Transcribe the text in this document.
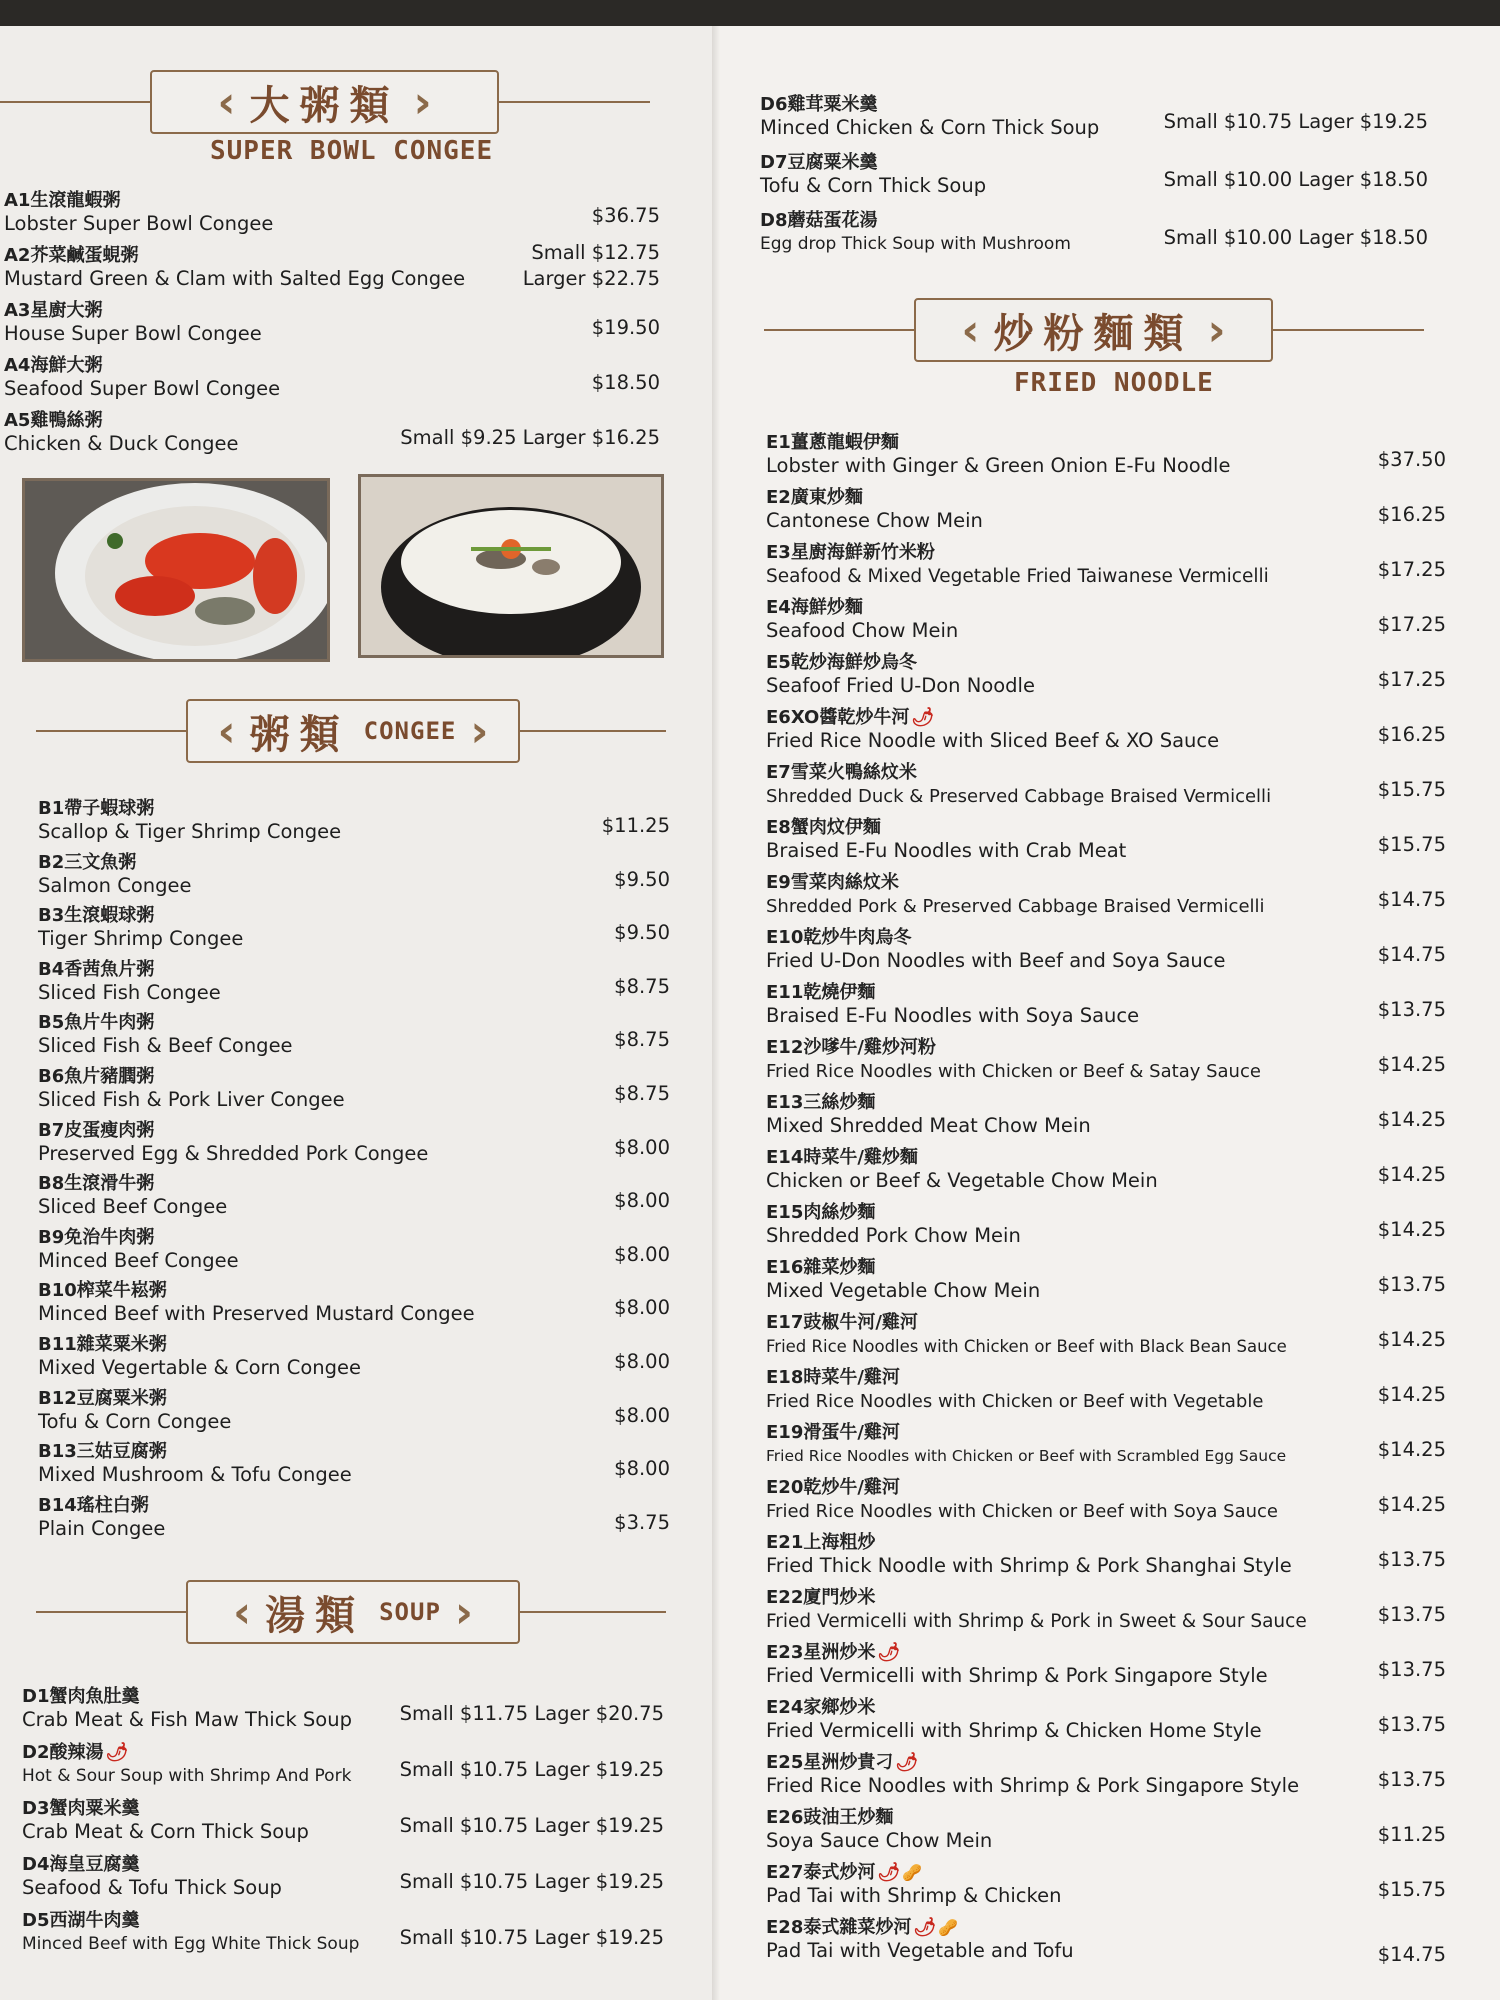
‹ 大粥類 ›
SUPER BOWL CONGEE
A1生滾龍蝦粥
Lobster Super Bowl Congee	$36.75
A2芥菜鹹蛋蜆粥
Mustard Green & Clam with Salted Egg Congee
Small $12.75
Larger $22.75
A3星廚大粥
House Super Bowl Congee	$19.50
A4海鮮大粥
Seafood Super Bowl Congee	$18.50
A5雞鴨絲粥
Chicken & Duck Congee	Small $9.25 Larger $16.25
‹ 粥類 CONGEE ›
B1帶子蝦球粥
Scallop & Tiger Shrimp Congee	$11.25
B2三文魚粥
Salmon Congee	$9.50
B3生滾蝦球粥
Tiger Shrimp Congee	$9.50
B4香茜魚片粥
Sliced Fish Congee	$8.75
B5魚片牛肉粥
Sliced Fish & Beef Congee	$8.75
B6魚片豬膶粥
Sliced Fish & Pork Liver Congee	$8.75
B7皮蛋瘦肉粥
Preserved Egg & Shredded Pork Congee	$8.00
B8生滾滑牛粥
Sliced Beef Congee	$8.00
B9免治牛肉粥
Minced Beef Congee	$8.00
B10榨菜牛崧粥
Minced Beef with Preserved Mustard Congee	$8.00
B11雜菜粟米粥
Mixed Vegertable & Corn Congee	$8.00
B12豆腐粟米粥
Tofu & Corn Congee	$8.00
B13三姑豆腐粥
Mixed Mushroom & Tofu Congee	$8.00
B14瑤柱白粥
Plain Congee	$3.75
‹ 湯類 SOUP ›
D1蟹肉魚肚羹
Crab Meat & Fish Maw Thick Soup Small $11.75 Lager $20.75
D2酸辣湯 🌶
Hot & Sour Soup with Shrimp And Pork Small $10.75 Lager $19.25
D3蟹肉粟米羹
Crab Meat & Corn Thick Soup	Small $10.75 Lager $19.25
D4海皇豆腐羹
Seafood & Tofu Thick Soup	Small $10.75 Lager $19.25
D5西湖牛肉羹
Minced Beef with Egg White Thick Soup Small $10.75 Lager $19.25
D6雞茸粟米羹
Minced Chicken & Corn Thick Soup	Small $10.75 Lager $19.25
D7豆腐粟米羹
Tofu & Corn Thick Soup	Small $10.00 Lager $18.50
D8蘑菇蛋花湯
Egg drop Thick Soup with Mushroom	Small $10.00 Lager $18.50
‹ 炒粉麵類 ›
FRIED NOODLE
E1薑蔥龍蝦伊麵
Lobster with Ginger & Green Onion E-Fu Noodle	$37.50
E2廣東炒麵
Cantonese Chow Mein	$16.25
E3星廚海鮮新竹米粉
Seafood & Mixed Vegetable Fried Taiwanese Vermicelli	$17.25
E4海鮮炒麵
Seafood Chow Mein	$17.25
E5乾炒海鮮炒烏冬
Seafoof Fried U-Don Noodle	$17.25
E6XO醬乾炒牛河 🌶
Fried Rice Noodle with Sliced Beef & XO Sauce	$16.25
E7雪菜火鴨絲炆米
Shredded Duck & Preserved Cabbage Braised Vermicelli	$15.75
E8蟹肉炆伊麵
Braised E-Fu Noodles with Crab Meat	$15.75
E9雪菜肉絲炆米
Shredded Pork & Preserved Cabbage Braised Vermicelli	$14.75
E10乾炒牛肉烏冬
Fried U-Don Noodles with Beef and Soya Sauce	$14.75
E11乾燒伊麵
Braised E-Fu Noodles with Soya Sauce	$13.75
E12沙嗲牛/雞炒河粉
Fried Rice Noodles with Chicken or Beef & Satay Sauce	$14.25
E13三絲炒麵
Mixed Shredded Meat Chow Mein	$14.25
E14時菜牛/雞炒麵
Chicken or Beef & Vegetable Chow Mein	$14.25
E15肉絲炒麵
Shredded Pork Chow Mein	$14.25
E16雜菜炒麵
Mixed Vegetable Chow Mein	$13.75
E17豉椒牛河/雞河
Fried Rice Noodles with Chicken or Beef with Black Bean Sauce	$14.25
E18時菜牛/雞河
Fried Rice Noodles with Chicken or Beef with Vegetable	$14.25
E19滑蛋牛/雞河
Fried Rice Noodles with Chicken or Beef with Scrambled Egg Sauce	$14.25
E20乾炒牛/雞河
Fried Rice Noodles with Chicken or Beef with Soya Sauce	$14.25
E21上海粗炒
Fried Thick Noodle with Shrimp & Pork Shanghai Style	$13.75
E22廈門炒米
Fried Vermicelli with Shrimp & Pork in Sweet & Sour Sauce	$13.75
E23星洲炒米 🌶
Fried Vermicelli with Shrimp & Pork Singapore Style	$13.75
E24家鄉炒米
Fried Vermicelli with Shrimp & Chicken Home Style	$13.75
E25星洲炒貴刁 🌶
Fried Rice Noodles with Shrimp & Pork Singapore Style	$13.75
E26豉油王炒麵
Soya Sauce Chow Mein	$11.25
E27泰式炒河 🌶 🥜
Pad Tai with Shrimp & Chicken	$15.75
E28泰式雜菜炒河 🌶 🥜
Pad Tai with Vegetable and Tofu	$14.75
